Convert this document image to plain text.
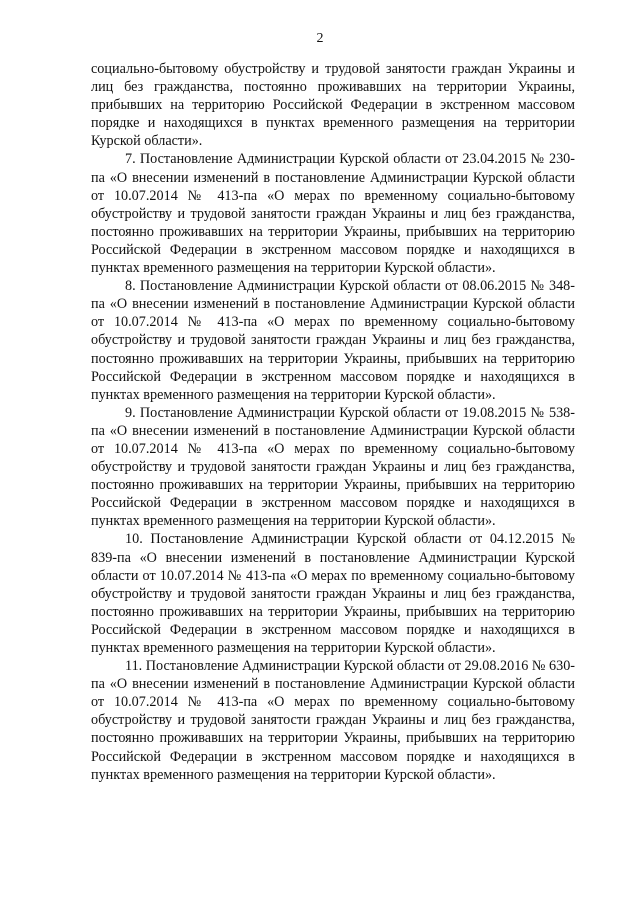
2

социально-бытовому обустройству и трудовой занятости граждан Украины и лиц без гражданства, постоянно проживавших на территории Украины, прибывших на территорию Российской Федерации в экстренном массовом порядке и находящихся в пунктах временного размещения на территории Курской области».

7. Постановление Администрации Курской области от 23.04.2015 № 230-па «О внесении изменений в постановление Администрации Курской области от 10.07.2014 № 413-па «О мерах по временному социально-бытовому обустройству и трудовой занятости граждан Украины и лиц без гражданства, постоянно проживавших на территории Украины, прибывших на территорию Российской Федерации в экстренном массовом порядке и находящихся в пунктах временного размещения на территории Курской области».

8. Постановление Администрации Курской области от 08.06.2015 № 348-па «О внесении изменений в постановление Администрации Курской области от 10.07.2014 № 413-па «О мерах по временному социально-бытовому обустройству и трудовой занятости граждан Украины и лиц без гражданства, постоянно проживавших на территории Украины, прибывших на территорию Российской Федерации в экстренном массовом порядке и находящихся в пунктах временного размещения на территории Курской области».

9. Постановление Администрации Курской области от 19.08.2015 № 538-па «О внесении изменений в постановление Администрации Курской области от 10.07.2014 № 413-па «О мерах по временному социально-бытовому обустройству и трудовой занятости граждан Украины и лиц без гражданства, постоянно проживавших на территории Украины, прибывших на территорию Российской Федерации в экстренном массовом порядке и находящихся в пунктах временного размещения на территории Курской области».

10. Постановление Администрации Курской области от 04.12.2015 № 839-па «О внесении изменений в постановление Администрации Курской области от 10.07.2014 № 413-па «О мерах по временному социально-бытовому обустройству и трудовой занятости граждан Украины и лиц без гражданства, постоянно проживавших на территории Украины, прибывших на территорию Российской Федерации в экстренном массовом порядке и находящихся в пунктах временного размещения на территории Курской области».

11. Постановление Администрации Курской области от 29.08.2016 № 630-па «О внесении изменений в постановление Администрации Курской области от 10.07.2014 № 413-па «О мерах по временному социально-бытовому обустройству и трудовой занятости граждан Украины и лиц без гражданства, постоянно проживавших на территории Украины, прибывших на территорию Российской Федерации в экстренном массовом порядке и находящихся в пунктах временного размещения на территории Курской области».
